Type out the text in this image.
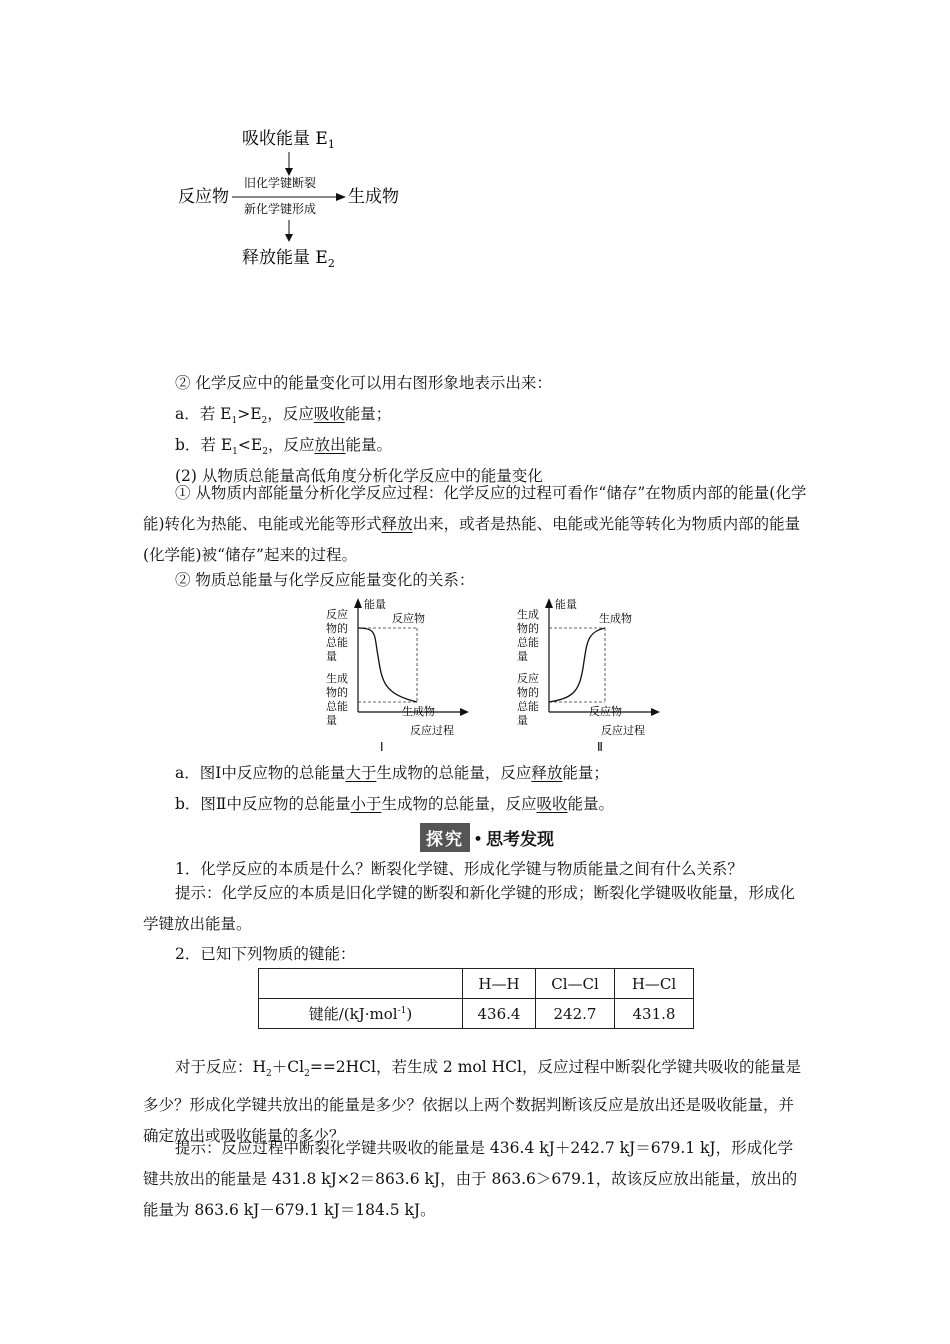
吸收能量 $E_1$
反应物
旧化学键断裂
新化学键形成
生成物
释放能量 $E_2$
② 化学反应中的能量变化可以用右图形象地表示出来：
a．若 $E_1>E_2$，反应吸收能量；
b．若 $E_1<E_2$，反应放出能量。
(2) 从物质总能量高低角度分析化学反应中的能量变化
① 从物质内部能量分析化学反应过程：化学反应的过程可看作“储存”在物质内部的能量(化学能)转化为热能、电能或光能等形式释放出来，或者是热能、电能或光能等转化为物质内部的能量(化学能)被“储存”起来的过程。
② 物质总能量与化学反应能量变化的关系：
能量
反应物
反应
物的
总能
量
生成
物的
总能
量
生成物
反应过程
Ⅰ
能量
生成物
生成
物的
总能
量
反应
物的
总能
量
反应物
反应过程
Ⅱ
a．图Ⅰ中反应物的总能量大于生成物的总能量，反应释放能量；
b．图Ⅱ中反应物的总能量小于生成物的总能量，反应吸收能量。
探究 • 思考发现
1．化学反应的本质是什么？断裂化学键、形成化学键与物质能量之间有什么关系？
提示：化学反应的本质是旧化学键的断裂和新化学键的形成；断裂化学键吸收能量，形成化学键放出能量。
2．已知下列物质的键能：
	H—H	Cl—Cl	H—Cl
键能/(kJ·mol$^{-1}$)	436.4	242.7	431.8
对于反应：$H_2+Cl_2==2HCl$，若生成 2 mol HCl，反应过程中断裂化学键共吸收的能量是多少？形成化学键共放出的能量是多少？依据以上两个数据判断该反应是放出还是吸收能量，并确定放出或吸收能量的多少？
提示：反应过程中断裂化学键共吸收的能量是 436.4 kJ＋242.7 kJ＝679.1 kJ，形成化学键共放出的能量是 431.8 kJ×2＝863.6 kJ，由于 863.6＞679.1，故该反应放出能量，放出的能量为 863.6 kJ－679.1 kJ＝184.5 kJ。
